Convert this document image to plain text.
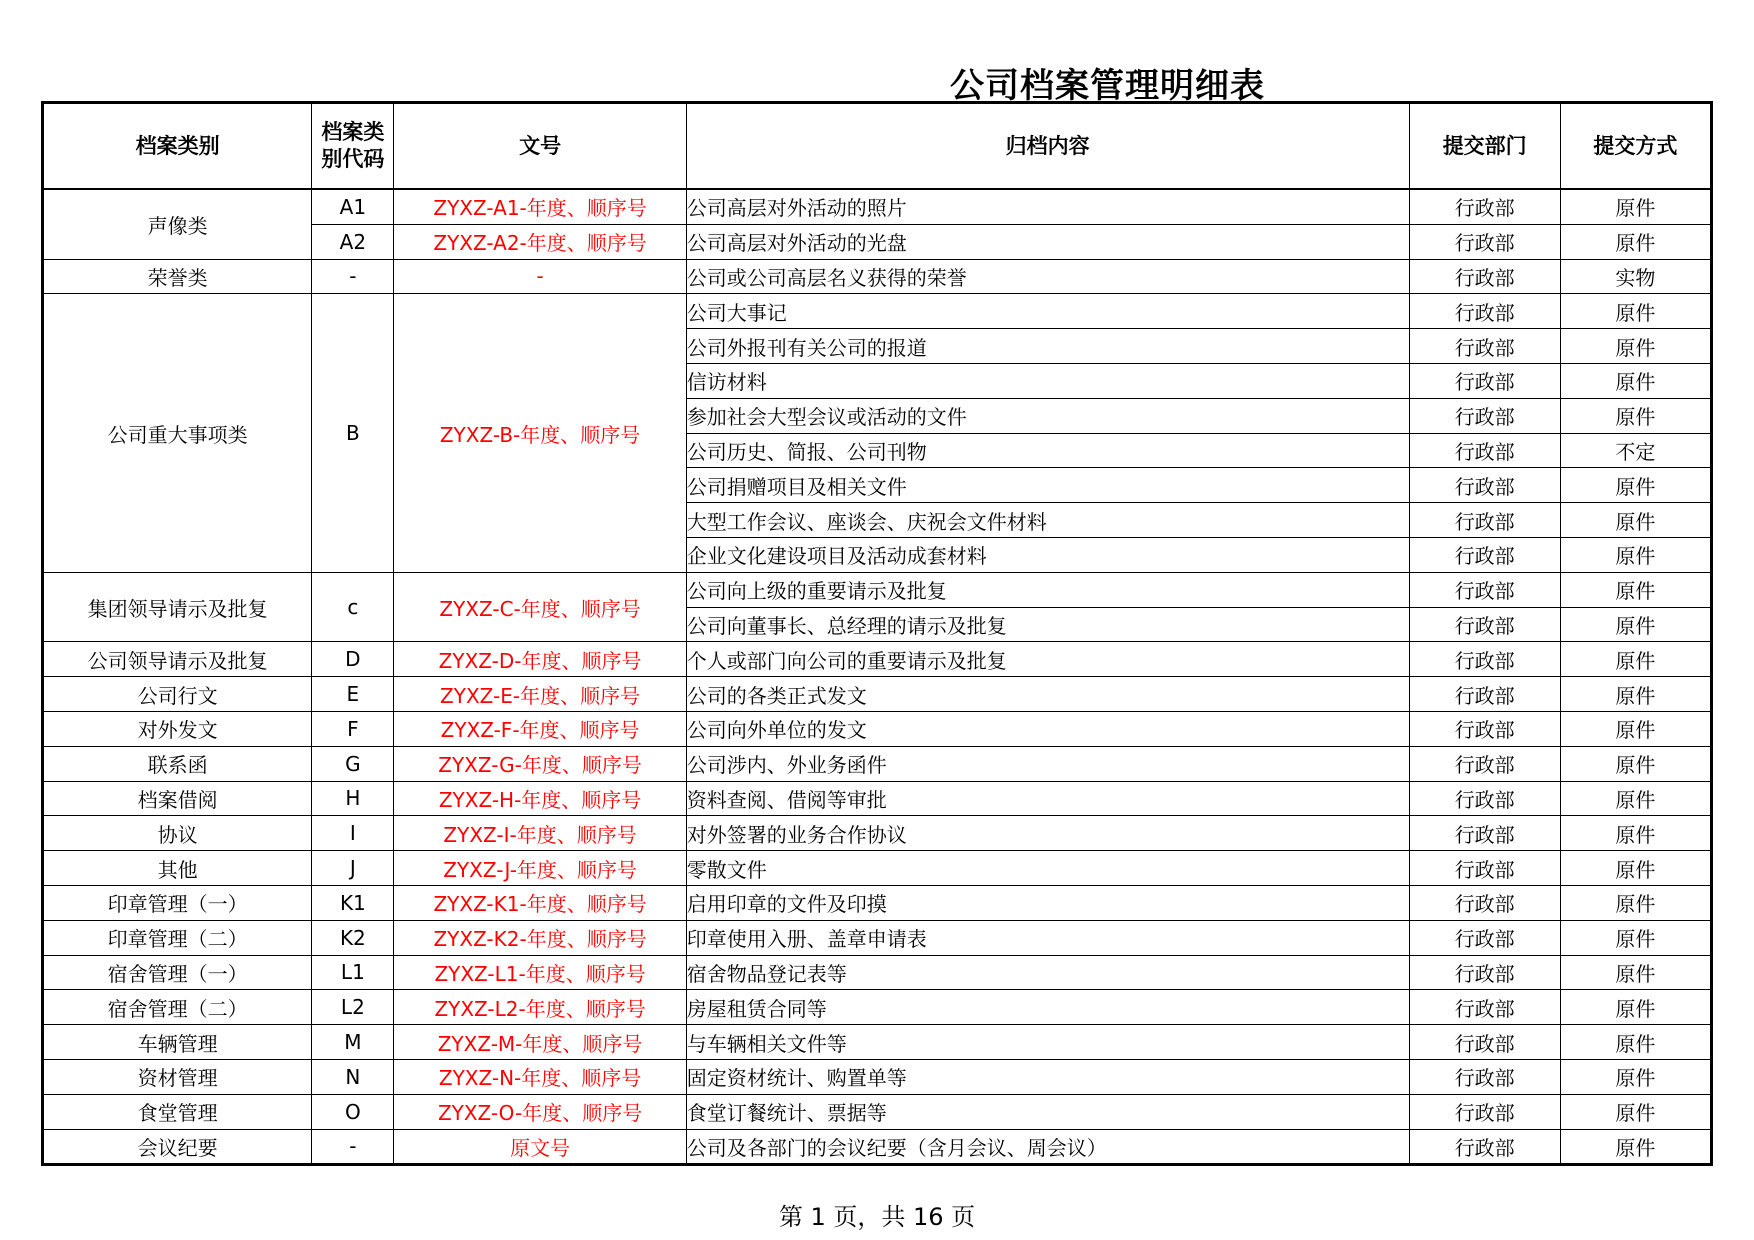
公司档案管理明细表
档案类别	档案类别代码	文号	归档内容	提交部门	提交方式
声像类	A1	ZYXZ-A1-年度、顺序号	公司高层对外活动的照片	行政部	原件
	A2	ZYXZ-A2-年度、顺序号	公司高层对外活动的光盘	行政部	原件
荣誉类	-	-	公司或公司高层名义获得的荣誉	行政部	实物
公司重大事项类	B	ZYXZ-B-年度、顺序号	公司大事记	行政部	原件
			公司外报刊有关公司的报道	行政部	原件
			信访材料	行政部	原件
			参加社会大型会议或活动的文件	行政部	原件
			公司历史、简报、公司刊物	行政部	不定
			公司捐赠项目及相关文件	行政部	原件
			大型工作会议、座谈会、庆祝会文件材料	行政部	原件
			企业文化建设项目及活动成套材料	行政部	原件
集团领导请示及批复	c	ZYXZ-C-年度、顺序号	公司向上级的重要请示及批复	行政部	原件
			公司向董事长、总经理的请示及批复	行政部	原件
公司领导请示及批复	D	ZYXZ-D-年度、顺序号	个人或部门向公司的重要请示及批复	行政部	原件
公司行文	E	ZYXZ-E-年度、顺序号	公司的各类正式发文	行政部	原件
对外发文	F	ZYXZ-F-年度、顺序号	公司向外单位的发文	行政部	原件
联系函	G	ZYXZ-G-年度、顺序号	公司涉内、外业务函件	行政部	原件
档案借阅	H	ZYXZ-H-年度、顺序号	资料查阅、借阅等审批	行政部	原件
协议	I	ZYXZ-I-年度、顺序号	对外签署的业务合作协议	行政部	原件
其他	J	ZYXZ-J-年度、顺序号	零散文件	行政部	原件
印章管理（一）	K1	ZYXZ-K1-年度、顺序号	启用印章的文件及印摸	行政部	原件
印章管理（二）	K2	ZYXZ-K2-年度、顺序号	印章使用入册、盖章申请表	行政部	原件
宿舍管理（一）	L1	ZYXZ-L1-年度、顺序号	宿舍物品登记表等	行政部	原件
宿舍管理（二）	L2	ZYXZ-L2-年度、顺序号	房屋租赁合同等	行政部	原件
车辆管理	M	ZYXZ-M-年度、顺序号	与车辆相关文件等	行政部	原件
资材管理	N	ZYXZ-N-年度、顺序号	固定资材统计、购置单等	行政部	原件
食堂管理	O	ZYXZ-O-年度、顺序号	食堂订餐统计、票据等	行政部	原件
会议纪要	-	原文号	公司及各部门的会议纪要（含月会议、周会议）	行政部	原件
第 1 页，共 16 页
